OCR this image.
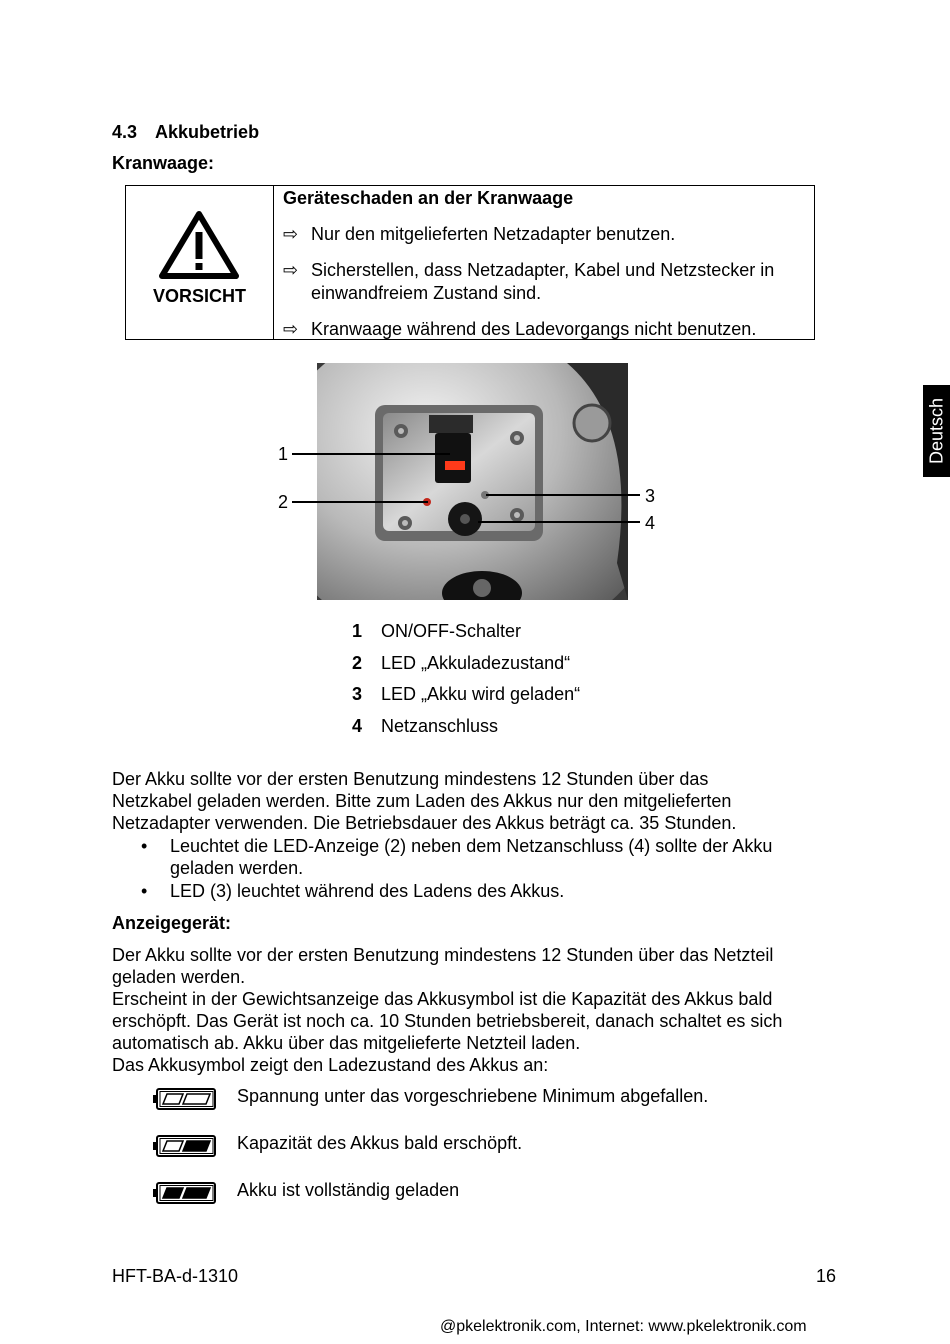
4.3 Akkubetrieb
Kranwaage:
VORSICHT
Geräteschaden an der Kranwaage
⇨ Nur den mitgelieferten Netzadapter benutzen.
⇨ Sicherstellen, dass Netzadapter, Kabel und Netzstecker in einwandfreiem Zustand sind.
⇨ Kranwaage während des Ladevorgangs nicht benutzen.
1
2	3
4
Deutsch
1 ON/OFF-Schalter
2 LED „Akkuladezustand“
3 LED „Akku wird geladen“
4 Netzanschluss
Der Akku sollte vor der ersten Benutzung mindestens 12 Stunden über das
Netzkabel geladen werden. Bitte zum Laden des Akkus nur den mitgelieferten
Netzadapter verwenden. Die Betriebsdauer des Akkus beträgt ca. 35 Stunden.
• Leuchtet die LED-Anzeige (2) neben dem Netzanschluss (4) sollte der Akku
geladen werden.
• LED (3) leuchtet während des Ladens des Akkus.
Anzeigegerät:
Der Akku sollte vor der ersten Benutzung mindestens 12 Stunden über das Netzteil
geladen werden.
Erscheint in der Gewichtsanzeige das Akkusymbol ist die Kapazität des Akkus bald
erschöpft. Das Gerät ist noch ca. 10 Stunden betriebsbereit, danach schaltet es sich
automatisch ab. Akku über das mitgelieferte Netzteil laden.
Das Akkusymbol zeigt den Ladezustand des Akkus an:
Spannung unter das vorgeschriebene Minimum abgefallen.
Kapazität des Akkus bald erschöpft.
Akku ist vollständig geladen
HFT-BA-d-1310	16
@pkelektronik.com, Internet: www.pkelektronik.com
